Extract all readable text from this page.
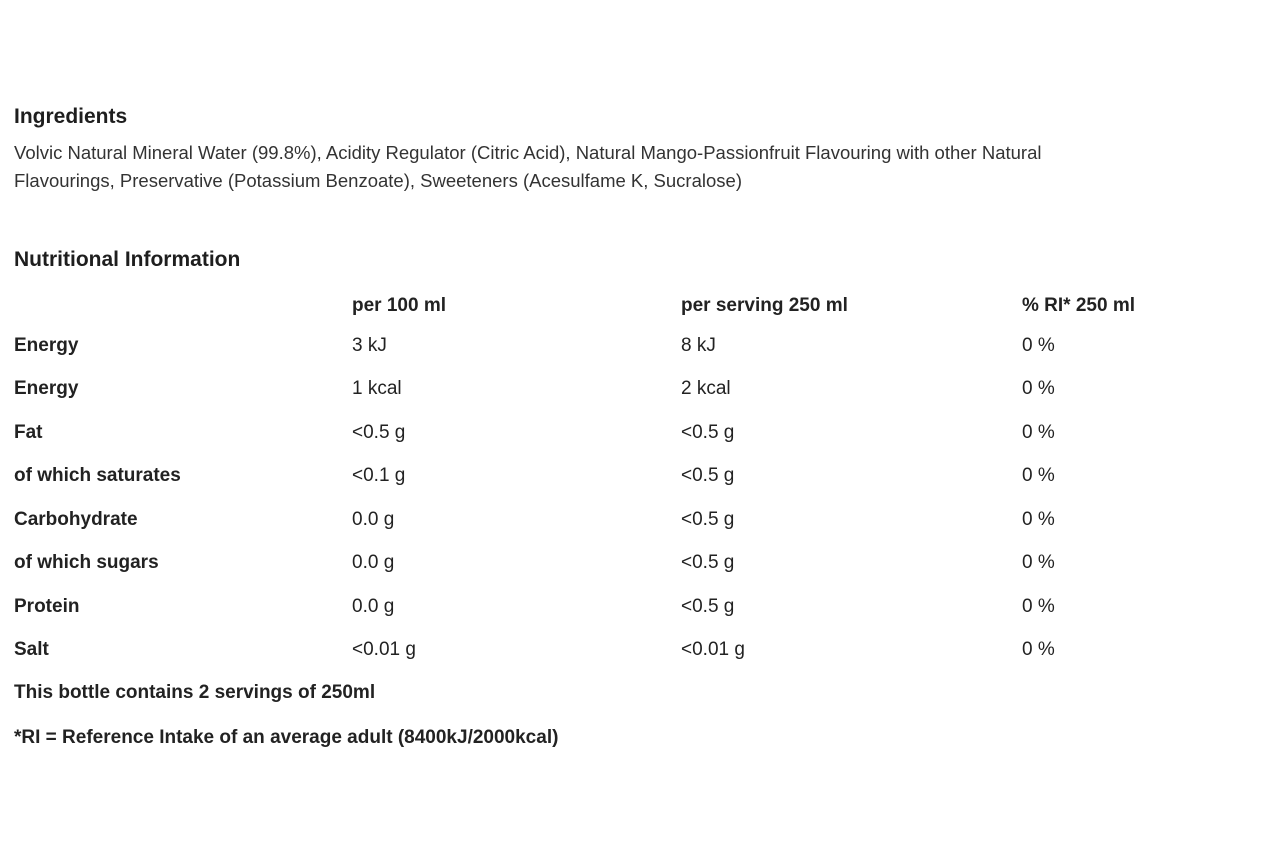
Ingredients

Volvic Natural Mineral Water (99.8%), Acidity Regulator (Citric Acid), Natural Mango-Passionfruit Flavouring with other Natural
Flavourings, Preservative (Potassium Benzoate), Sweeteners (Acesulfame K, Sucralose)

Nutritional Information
	per 100 ml	per serving 250 ml	% RI* 250 ml
Energy	3 kJ	8 kJ	0 %
Energy	1 kcal	2 kcal	0 %
Fat	<0.5 g	<0.5 g	0 %
of which saturates	<0.1 g	<0.5 g	0 %
Carbohydrate	0.0 g	<0.5 g	0 %
of which sugars	0.0 g	<0.5 g	0 %
Protein	0.0 g	<0.5 g	0 %
Salt	<0.01 g	<0.01 g	0 %

This bottle contains 2 servings of 250ml

*RI = Reference Intake of an average adult (8400kJ/2000kcal)
